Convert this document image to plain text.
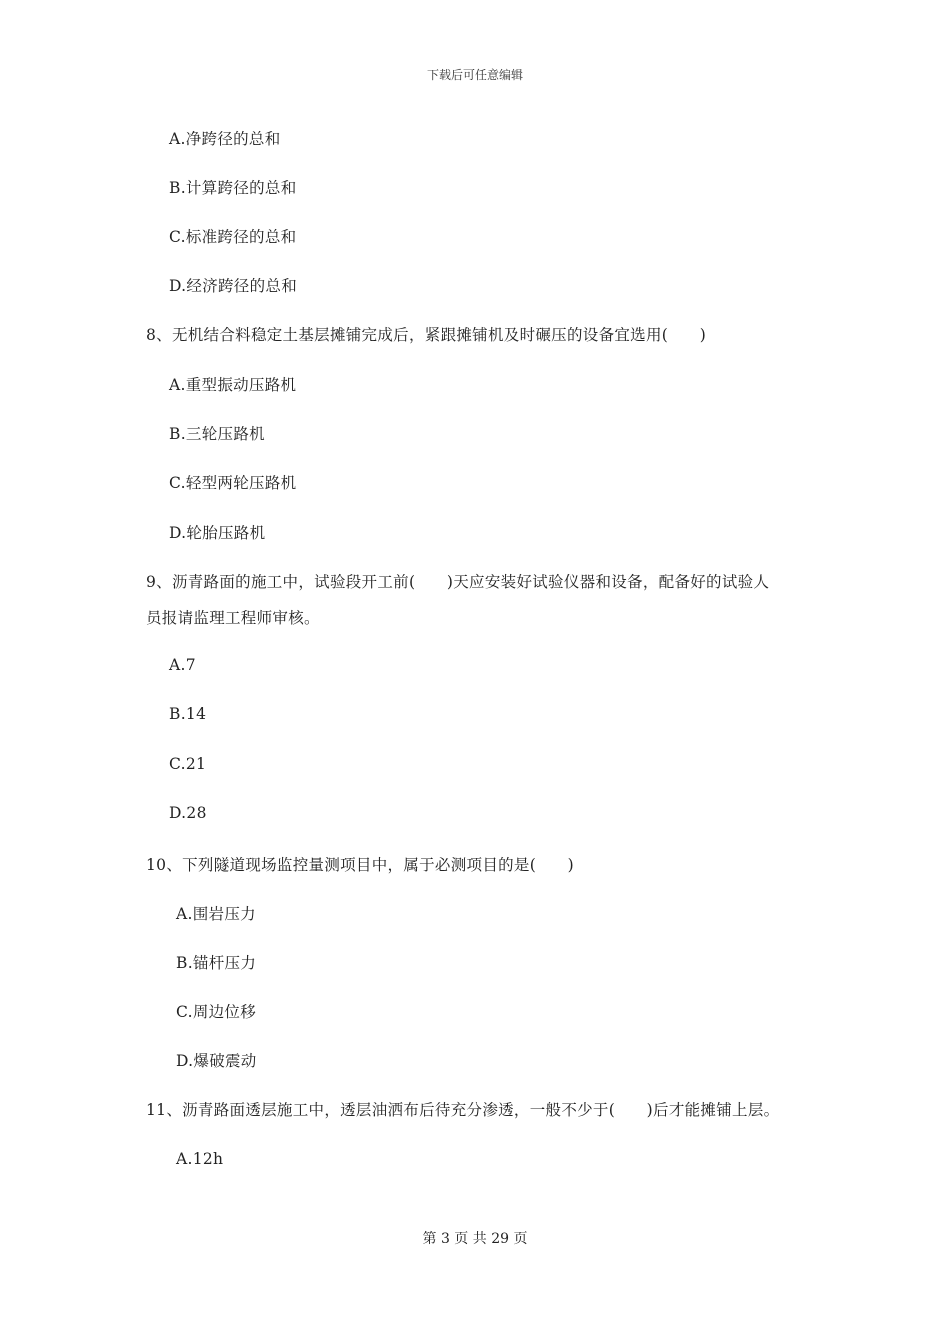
下载后可任意编辑
A.净跨径的总和
B.计算跨径的总和
C.标准跨径的总和
D.经济跨径的总和
8、无机结合料稳定土基层摊铺完成后，紧跟摊铺机及时碾压的设备宜选用(　　)
A.重型振动压路机
B.三轮压路机
C.轻型两轮压路机
D.轮胎压路机
9、沥青路面的施工中，试验段开工前(　　)天应安装好试验仪器和设备，配备好的试验人
员报请监理工程师审核。
A.7
B.14
C.21
D.28
10、下列隧道现场监控量测项目中，属于必测项目的是(　　)
A.围岩压力
B.锚杆压力
C.周边位移
D.爆破震动
11、沥青路面透层施工中，透层油洒布后待充分渗透，一般不少于(　　)后才能摊铺上层。
A.12h
第 3 页 共 29 页
